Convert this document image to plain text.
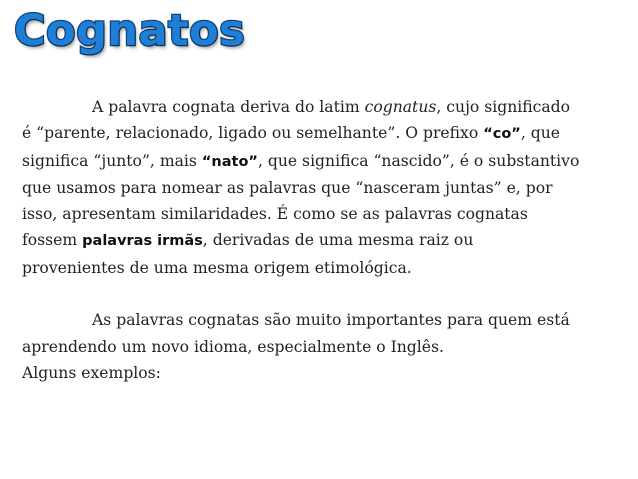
Cognatos

A palavra cognata deriva do latim cognatus, cujo significado
é “parente, relacionado, ligado ou semelhante”. O prefixo “co”, que
significa “junto”, mais “nato”, que significa “nascido”, é o substantivo
que usamos para nomear as palavras que “nasceram juntas” e, por
isso, apresentam similaridades. É como se as palavras cognatas
fossem palavras irmãs, derivadas de uma mesma raiz ou
provenientes de uma mesma origem etimológica.

As palavras cognatas são muito importantes para quem está
aprendendo um novo idioma, especialmente o Inglês.
Alguns exemplos:
